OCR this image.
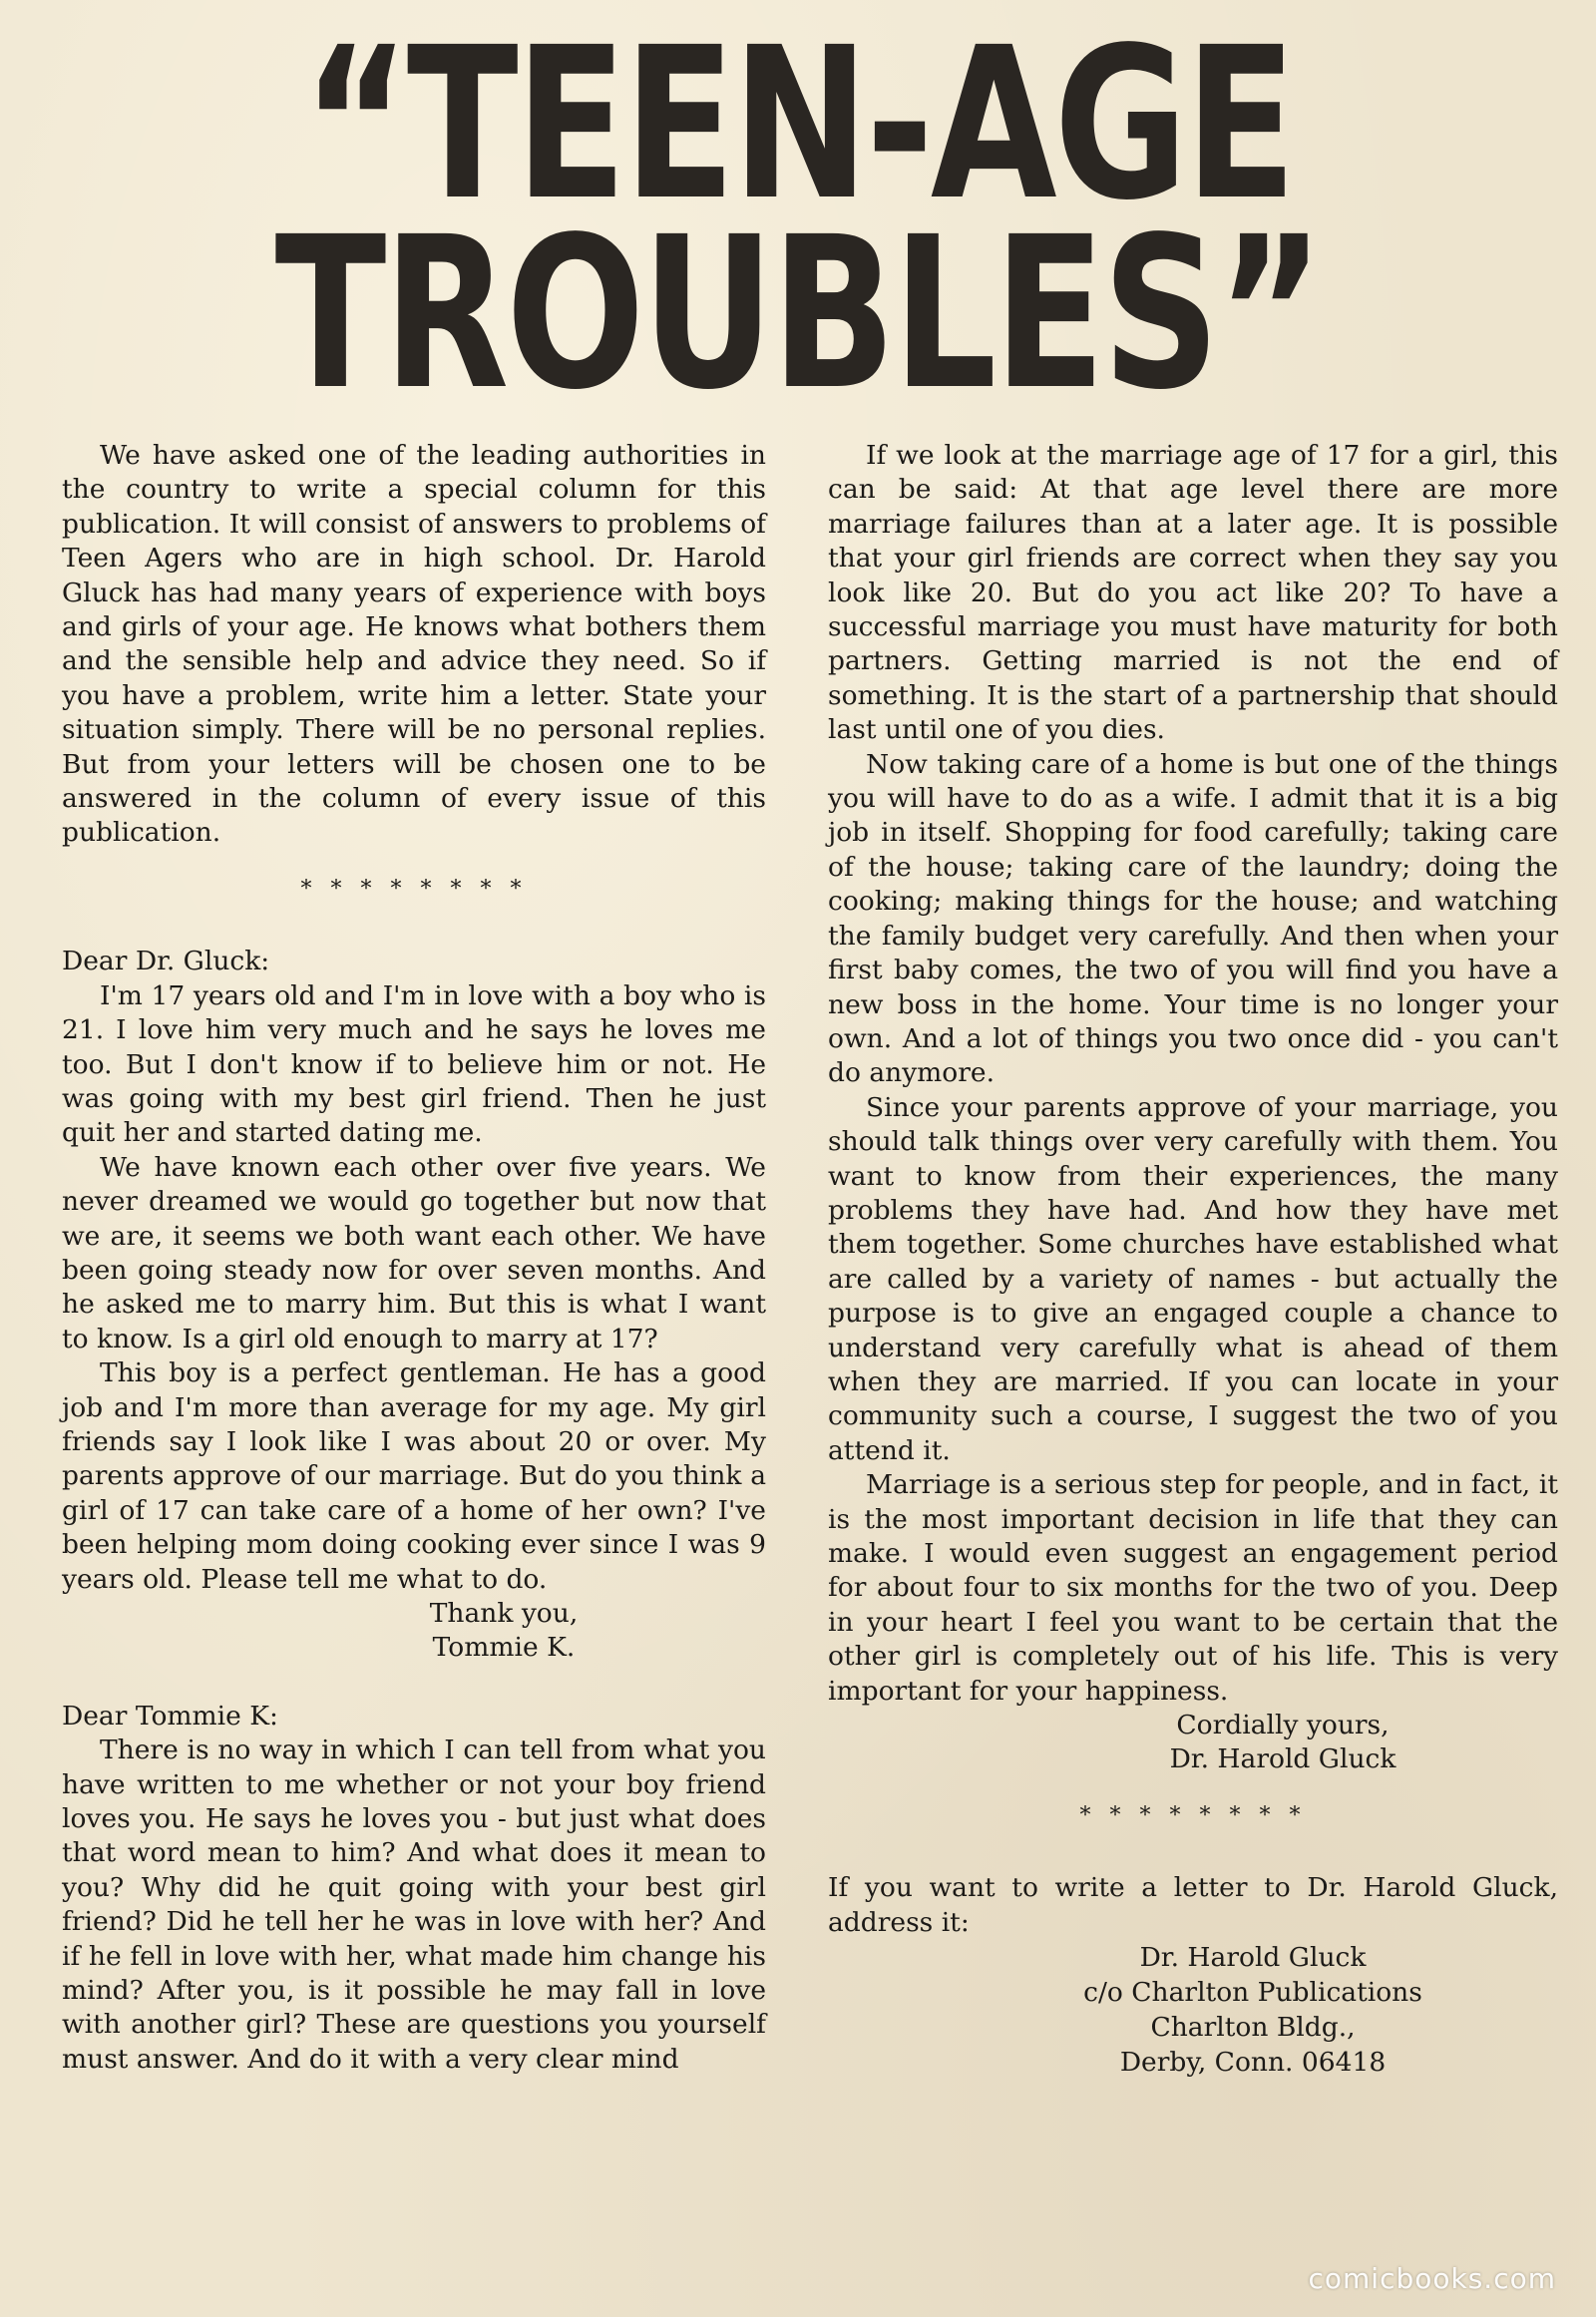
“TEEN-AGE
TROUBLES”

We have asked one of the leading authorities in the country to write a special column for this publication. It will consist of answers to problems of Teen Agers who are in high school. Dr. Harold Gluck has had many years of experience with boys and girls of your age. He knows what bothers them and the sensible help and advice they need. So if you have a problem, write him a letter. State your situation simply. There will be no personal replies. But from your letters will be chosen one to be answered in the column of every issue of this publication.

* * * * * * * *

Dear Dr. Gluck:

I'm 17 years old and I'm in love with a boy who is 21. I love him very much and he says he loves me too. But I don't know if to believe him or not. He was going with my best girl friend. Then he just quit her and started dating me.

We have known each other over five years. We never dreamed we would go together but now that we are, it seems we both want each other. We have been going steady now for over seven months. And he asked me to marry him. But this is what I want to know. Is a girl old enough to marry at 17?

This boy is a perfect gentleman. He has a good job and I'm more than average for my age. My girl friends say I look like I was about 20 or over. My parents approve of our marriage. But do you think a girl of 17 can take care of a home of her own? I've been helping mom doing cooking ever since I was 9 years old. Please tell me what to do.

Thank you,
Tommie K.

Dear Tommie K:

There is no way in which I can tell from what you have written to me whether or not your boy friend loves you. He says he loves you - but just what does that word mean to him? And what does it mean to you? Why did he quit going with your best girl friend? Did he tell her he was in love with her? And if he fell in love with her, what made him change his mind? After you, is it possible he may fall in love with another girl? These are questions you yourself must answer. And do it with a very clear mind

If we look at the marriage age of 17 for a girl, this can be said: At that age level there are more marriage failures than at a later age. It is possible that your girl friends are correct when they say you look like 20. But do you act like 20? To have a successful marriage you must have maturity for both partners. Getting married is not the end of something. It is the start of a partnership that should last until one of you dies.

Now taking care of a home is but one of the things you will have to do as a wife. I admit that it is a big job in itself. Shopping for food carefully; taking care of the house; taking care of the laundry; doing the cooking; making things for the house; and watching the family budget very carefully. And then when your first baby comes, the two of you will find you have a new boss in the home. Your time is no longer your own. And a lot of things you two once did - you can't do anymore.

Since your parents approve of your marriage, you should talk things over very carefully with them. You want to know from their experiences, the many problems they have had. And how they have met them together. Some churches have established what are called by a variety of names - but actually the purpose is to give an engaged couple a chance to understand very carefully what is ahead of them when they are married. If you can locate in your community such a course, I suggest the two of you attend it.

Marriage is a serious step for people, and in fact, it is the most important decision in life that they can make. I would even suggest an engagement period for about four to six months for the two of you. Deep in your heart I feel you want to be certain that the other girl is completely out of his life. This is very important for your happiness.

Cordially yours,
Dr. Harold Gluck
* * * * * * * *

If you want to write a letter to Dr. Harold Gluck, address it:

Dr. Harold Gluck
c/o Charlton Publications
Charlton Bldg.,
Derby, Conn. 06418
comicbooks.com
